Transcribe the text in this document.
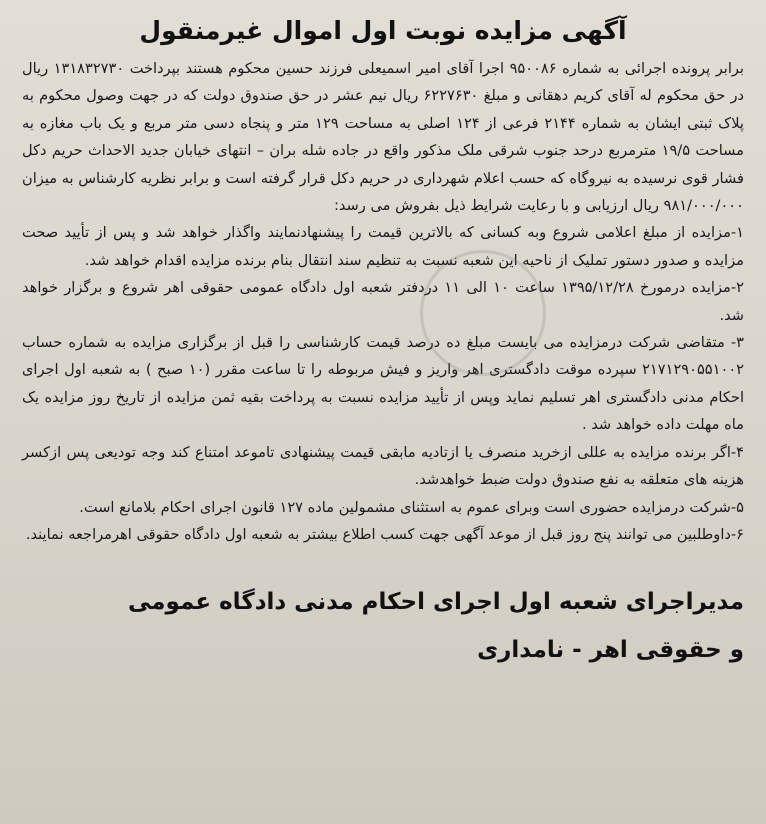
آگهی مزایده نوبت اول اموال غیرمنقول

برابر پرونده اجرائی به شماره ۹۵۰۰۸۶ اجرا آقای امیر اسمیعلی فرزند حسین محکوم هستند بپرداخت ۱۳۱۸۳۲۷۳۰ ریال در حق محکوم له آقای کریم دهقانی و مبلغ ۶۲۲۷۶۳۰ ریال نیم عشر در حق صندوق دولت که در جهت وصول محکوم به پلاک ثبتی ایشان به شماره ۲۱۴۴ فرعی از ۱۲۴ اصلی به مساحت ۱۲۹ متر و پنجاه دسی متر مربع و یک باب مغازه به مساحت ۱۹/۵ مترمربع درحد جنوب شرقی ملک مذکور واقع در جاده شله بران – انتهای خیابان جدید الاحداث حریم دکل فشار قوی نرسیده به نیروگاه که حسب اعلام شهرداری در حریم دکل قرار گرفته است و برابر نظریه کارشناس به میزان ۹۸۱/۰۰۰/۰۰۰ ریال ارزیابی و با رعایت شرایط ذیل بفروش می رسد:

۱-مزایده از مبلغ اعلامی شروع وبه کسانی که بالاترین قیمت را پیشنهادنمایند واگذار خواهد شد و پس از تأیید صحت مزایده و صدور دستور تملیک از ناحیه این شعبه نسبت به تنظیم سند انتقال بنام برنده مزایده اقدام خواهد شد.

۲-مزایده درمورخ ۱۳۹۵/۱۲/۲۸ ساعت ۱۰ الی ۱۱ دردفتر شعبه اول دادگاه عمومی حقوقی اهر شروع و برگزار خواهد شد.

۳- متقاضی شرکت درمزایده می بایست مبلغ ده درصد قیمت کارشناسی را قبل از برگزاری مزایده به شماره حساب ۲۱۷۱۲۹۰۵۵۱۰۰۲ سپرده موقت دادگستری اهر واریز و فیش مربوطه را تا ساعت مقرر (۱۰ صبح ) به شعبه اول اجرای احکام مدنی دادگستری اهر تسلیم نماید وپس از تأیید مزایده نسبت به پرداخت بقیه ثمن مزایده از تاریخ روز مزایده یک ماه مهلت داده خواهد شد .

۴-اگر برنده مزایده به عللی ازخرید منصرف یا ازتادیه مابقی قیمت پیشنهادی تاموعد امتناع کند وجه تودیعی پس ازکسر هزینه های متعلقه به نفع صندوق دولت ضبط خواهدشد.

۵-شرکت درمزایده حضوری است وبرای عموم به استثنای مشمولین ماده ۱۲۷ قانون اجرای احکام بلامانع است.

۶-داوطلبین می توانند پنج روز قبل از موعد آگهی جهت کسب اطلاع بیشتر به شعبه اول دادگاه حقوقی اهرمراجعه نمایند.

مدیراجرای شعبه اول اجرای احکام مدنی دادگاه عمومی
و حقوقی اهر - نامداری
